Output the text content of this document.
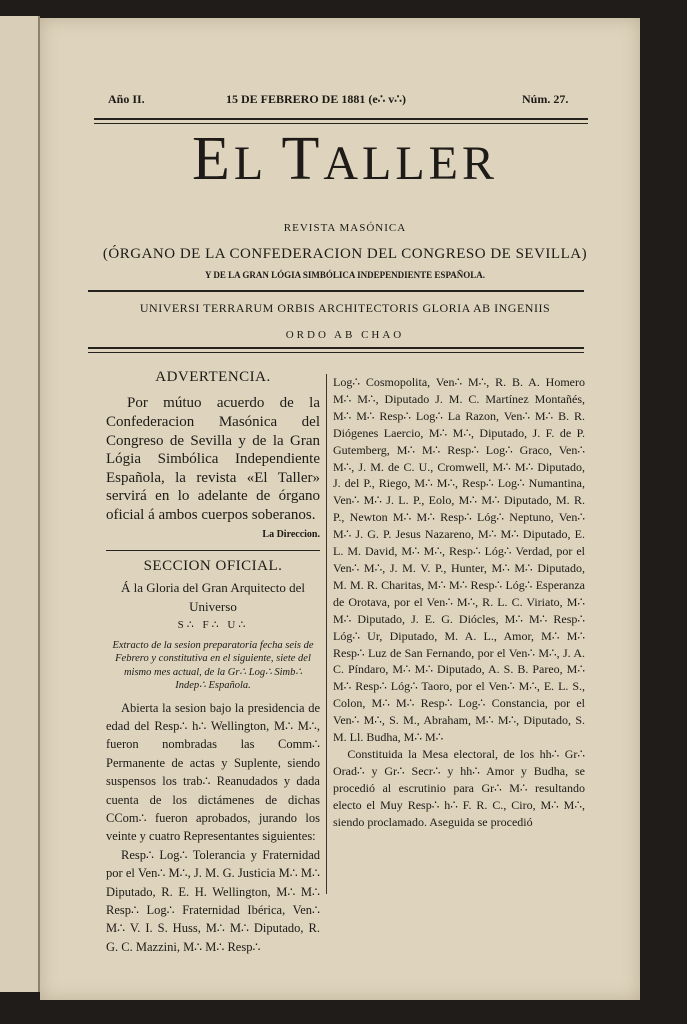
Año II.	15 DE FEBRERO DE 1881 (e∴ v∴)	Núm. 27.
EL TALLER
REVISTA MASÓNICA
(ÓRGANO DE LA CONFEDERACION DEL CONGRESO DE SEVILLA)
Y DE LA GRAN LÓGIA SIMBÓLICA INDEPENDIENTE ESPAÑOLA.
UNIVERSI TERRARUM ORBIS ARCHITECTORIS GLORIA AB INGENIIS
ORDO AB CHAO
ADVERTENCIA.
Por mútuo acuerdo de la Confederacion Masónica del Congreso de Sevilla y de la Gran Lógia Simbólica Independiente Española, la revista «El Taller» servirá en lo adelante de órgano oficial á ambos cuerpos soberanos.
La Direccion.
SECCION OFICIAL.
Á la Gloria del Gran Arquitecto del Universo
S∴ F∴ U∴
Extracto de la sesion preparatoria fecha seis de Febrero y constitutiva en el siguiente, siete del mismo mes actual, de la Gr∴ Log∴ Simb∴ Indep∴ Española.

Abierta la sesion bajo la presidencia de edad del Resp∴ h∴ Wellington, M∴ M∴, fueron nombradas las Comm∴ Permanente de actas y Suplente, siendo suspensos los trab∴ Reanudados y dada cuenta de los dictámenes de dichas CCom∴ fueron aprobados, jurando los veinte y cuatro Representantes siguientes:

Resp∴ Log∴ Tolerancia y Fraternidad por el Ven∴ M∴, J. M. G. Justicia M∴ M∴ Diputado, R. E. H. Wellington, M∴ M∴ Resp∴ Log∴ Fraternidad Ibérica, Ven∴ M∴ V. I. S. Huss, M∴ M∴ Diputado, R. G. C. Mazzini, M∴ M∴ Resp∴

Log∴ Cosmopolita, Ven∴ M∴, R. B. A. Homero M∴ M∴, Diputado J. M. C. Martínez Montañés, M∴ M∴ Resp∴ Log∴ La Razon, Ven∴ M∴ B. R. Diógenes Laercio, M∴ M∴, Diputado, J. F. de P. Gutemberg, M∴ M∴ Resp∴ Log∴ Graco, Ven∴ M∴, J. M. de C. U., Cromwell, M∴ M∴ Diputado, J. del P., Riego, M∴ M∴, Resp∴ Log∴ Numantina, Ven∴ M∴ J. L. P., Eolo, M∴ M∴ Diputado, M. R. P., Newton M∴ M∴ Resp∴ Lóg∴ Neptuno, Ven∴ M∴ J. G. P. Jesus Nazareno, M∴ M∴ Diputado, E. L. M. David, M∴ M∴, Resp∴ Lóg∴ Verdad, por el Ven∴ M∴, J. M. V. P., Hunter, M∴ M∴ Diputado, M. M. R. Charitas, M∴ M∴ Resp∴ Lóg∴ Esperanza de Orotava, por el Ven∴ M∴, R. L. C. Viriato, M∴ M∴ Diputado, J. E. G. Diócles, M∴ M∴ Resp∴ Lóg∴ Ur, Diputado, M. A. L., Amor, M∴ M∴ Resp∴ Luz de San Fernando, por el Ven∴ M∴, J. A. C. Píndaro, M∴ M∴ Diputado, A. S. B. Pareo, M∴ M∴ Resp∴ Lóg∴ Taoro, por el Ven∴ M∴, E. L. S., Colon, M∴ M∴ Resp∴ Log∴ Constancia, por el Ven∴ M∴, S. M., Abraham, M∴ M∴, Diputado, S. M. Ll. Budha, M∴ M∴

Constituida la Mesa electoral, de los hh∴ Gr∴ Orad∴ y Gr∴ Secr∴ y hh∴ Amor y Budha, se procedió al escrutinio para Gr∴ M∴ resultando electo el Muy Resp∴ h∴ F. R. C., Ciro, M∴ M∴, siendo proclamado. Aseguida se procedió
